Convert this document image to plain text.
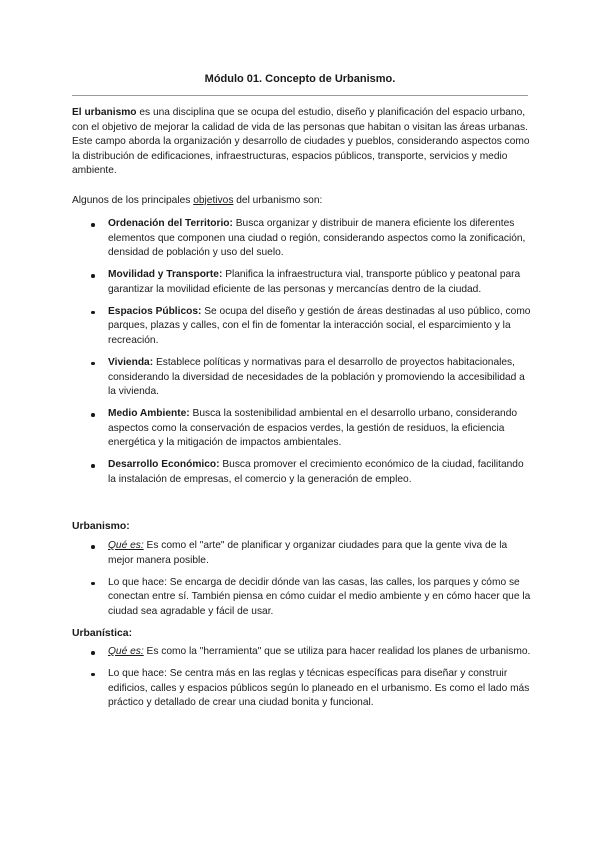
Módulo 01. Concepto de Urbanismo.

El urbanismo es una disciplina que se ocupa del estudio, diseño y planificación del espacio urbano, con el objetivo de mejorar la calidad de vida de las personas que habitan o visitan las áreas urbanas. Este campo aborda la organización y desarrollo de ciudades y pueblos, considerando aspectos como la distribución de edificaciones, infraestructuras, espacios públicos, transporte, servicios y medio ambiente.

Algunos de los principales objetivos del urbanismo son:

Ordenación del Territorio: Busca organizar y distribuir de manera eficiente los diferentes elementos que componen una ciudad o región, considerando aspectos como la zonificación, densidad de población y uso del suelo.
Movilidad y Transporte: Planifica la infraestructura vial, transporte público y peatonal para garantizar la movilidad eficiente de las personas y mercancías dentro de la ciudad.
Espacios Públicos: Se ocupa del diseño y gestión de áreas destinadas al uso público, como parques, plazas y calles, con el fin de fomentar la interacción social, el esparcimiento y la recreación.
Vivienda: Establece políticas y normativas para el desarrollo de proyectos habitacionales, considerando la diversidad de necesidades de la población y promoviendo la accesibilidad a la vivienda.
Medio Ambiente: Busca la sostenibilidad ambiental en el desarrollo urbano, considerando aspectos como la conservación de espacios verdes, la gestión de residuos, la eficiencia energética y la mitigación de impactos ambientales.
Desarrollo Económico: Busca promover el crecimiento económico de la ciudad, facilitando la instalación de empresas, el comercio y la generación de empleo.
Urbanismo:
Qué es: Es como el "arte" de planificar y organizar ciudades para que la gente viva de la mejor manera posible.
Lo que hace: Se encarga de decidir dónde van las casas, las calles, los parques y cómo se conectan entre sí. También piensa en cómo cuidar el medio ambiente y en cómo hacer que la ciudad sea agradable y fácil de usar.
Urbanística:
Qué es: Es como la "herramienta" que se utiliza para hacer realidad los planes de urbanismo.
Lo que hace: Se centra más en las reglas y técnicas específicas para diseñar y construir edificios, calles y espacios públicos según lo planeado en el urbanismo. Es como el lado más práctico y detallado de crear una ciudad bonita y funcional.
